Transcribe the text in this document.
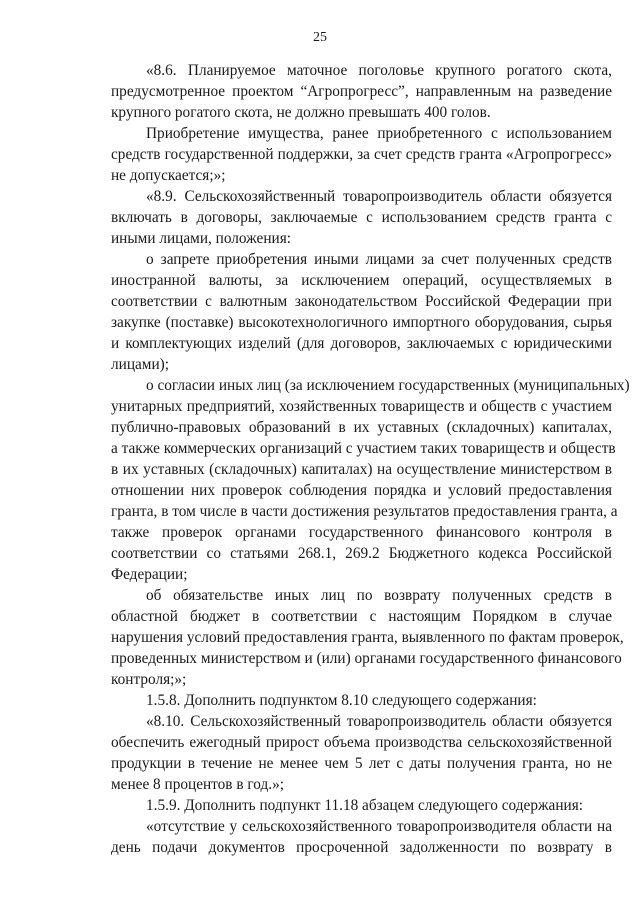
25

«8.6. Планируемое маточное поголовье крупного рогатого скота,
предусмотренное проектом “Агропрогресс”, направленным на разведение
крупного рогатого скота, не должно превышать 400 голов.

Приобретение имущества, ранее приобретенного с использованием
средств государственной поддержки, за счет средств гранта «Агропрогресс»
не допускается;»;

«8.9. Сельскохозяйственный товаропроизводитель области обязуется
включать в договоры, заключаемые с использованием средств гранта с
иными лицами, положения:

о запрете приобретения иными лицами за счет полученных средств
иностранной валюты, за исключением операций, осуществляемых в
соответствии с валютным законодательством Российской Федерации при
закупке (поставке) высокотехнологичного импортного оборудования, сырья
и комплектующих изделий (для договоров, заключаемых с юридическими
лицами);

о согласии иных лиц (за исключением государственных (муниципальных)
унитарных предприятий, хозяйственных товариществ и обществ с участием
публично-правовых образований в их уставных (складочных) капиталах,
а также коммерческих организаций с участием таких товариществ и обществ
в их уставных (складочных) капиталах) на осуществление министерством в
отношении них проверок соблюдения порядка и условий предоставления
гранта, в том числе в части достижения результатов предоставления гранта, а
также проверок органами государственного финансового контроля в
соответствии со статьями 268.1, 269.2 Бюджетного кодекса Российской
Федерации;

об обязательстве иных лиц по возврату полученных средств в
областной бюджет в соответствии с настоящим Порядком в случае
нарушения условий предоставления гранта, выявленного по фактам проверок,
проведенных министерством и (или) органами государственного финансового
контроля;»;

1.5.8. Дополнить подпунктом 8.10 следующего содержания:

«8.10. Сельскохозяйственный товаропроизводитель области обязуется
обеспечить ежегодный прирост объема производства сельскохозяйственной
продукции в течение не менее чем 5 лет с даты получения гранта, но не
менее 8 процентов в год.»;

1.5.9. Дополнить подпункт 11.18 абзацем следующего содержания:

«отсутствие у сельскохозяйственного товаропроизводителя области на
день подачи документов просроченной задолженности по возврату в
